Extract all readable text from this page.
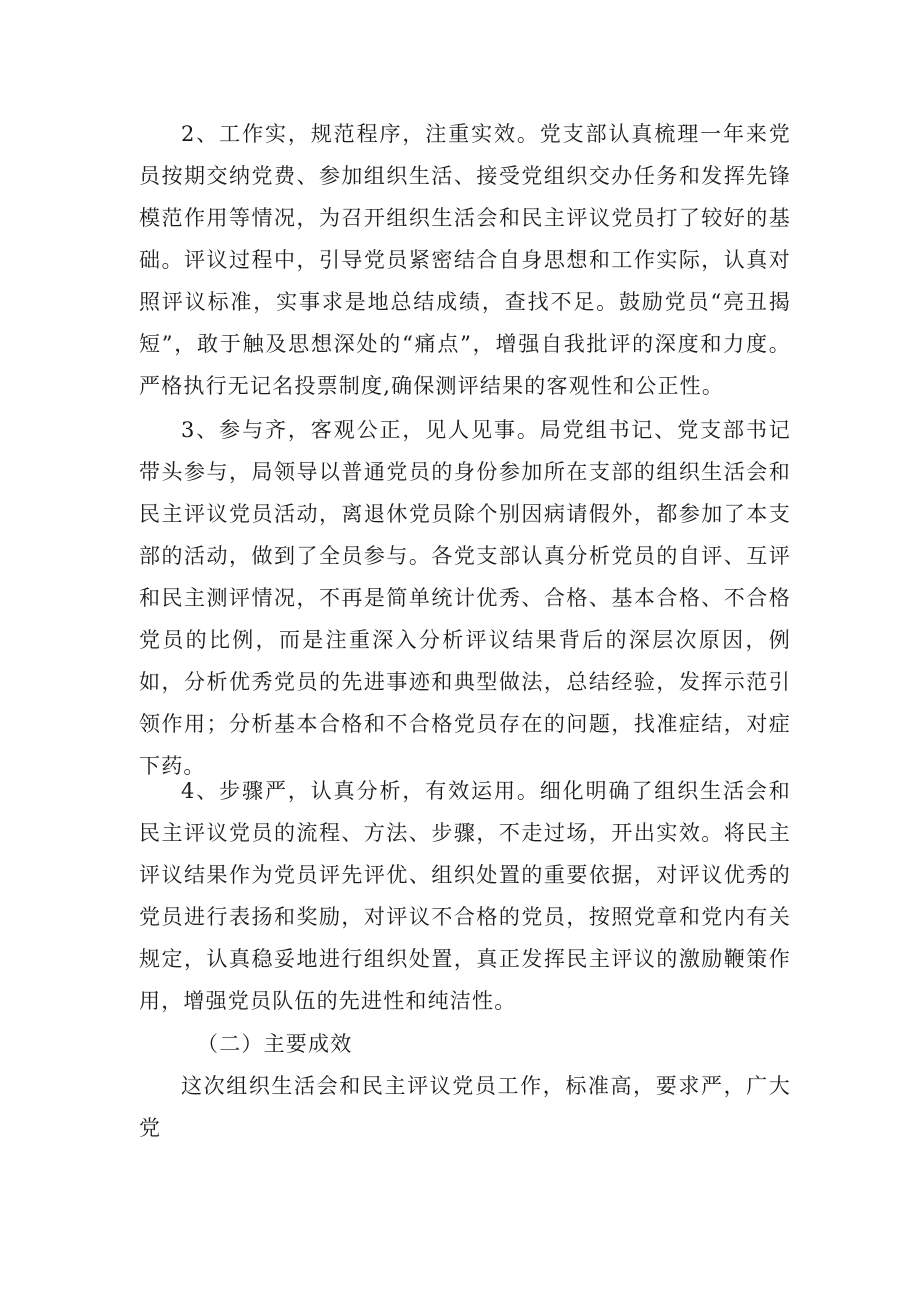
2、工作实，规范程序，注重实效。党支部认真梳理一年来党员按期交纳党费、参加组织生活、接受党组织交办任务和发挥先锋模范作用等情况，为召开组织生活会和民主评议党员打了较好的基础。评议过程中，引导党员紧密结合自身思想和工作实际，认真对照评议标准，实事求是地总结成绩，查找不足。鼓励党员“亮丑揭短”，敢于触及思想深处的“痛点”，增强自我批评的深度和力度。严格执行无记名投票制度,确保测评结果的客观性和公正性。

3、参与齐，客观公正，见人见事。局党组书记、党支部书记带头参与，局领导以普通党员的身份参加所在支部的组织生活会和民主评议党员活动，离退休党员除个别因病请假外，都参加了本支部的活动，做到了全员参与。各党支部认真分析党员的自评、互评和民主测评情况，不再是简单统计优秀、合格、基本合格、不合格党员的比例，而是注重深入分析评议结果背后的深层次原因，例如，分析优秀党员的先进事迹和典型做法，总结经验，发挥示范引领作用；分析基本合格和不合格党员存在的问题，找准症结，对症下药。

4、步骤严，认真分析，有效运用。细化明确了组织生活会和民主评议党员的流程、方法、步骤，不走过场，开出实效。将民主评议结果作为党员评先评优、组织处置的重要依据，对评议优秀的党员进行表扬和奖励，对评议不合格的党员，按照党章和党内有关规定，认真稳妥地进行组织处置，真正发挥民主评议的激励鞭策作用，增强党员队伍的先进性和纯洁性。

（二）主要成效

这次组织生活会和民主评议党员工作，标准高，要求严，广大党
